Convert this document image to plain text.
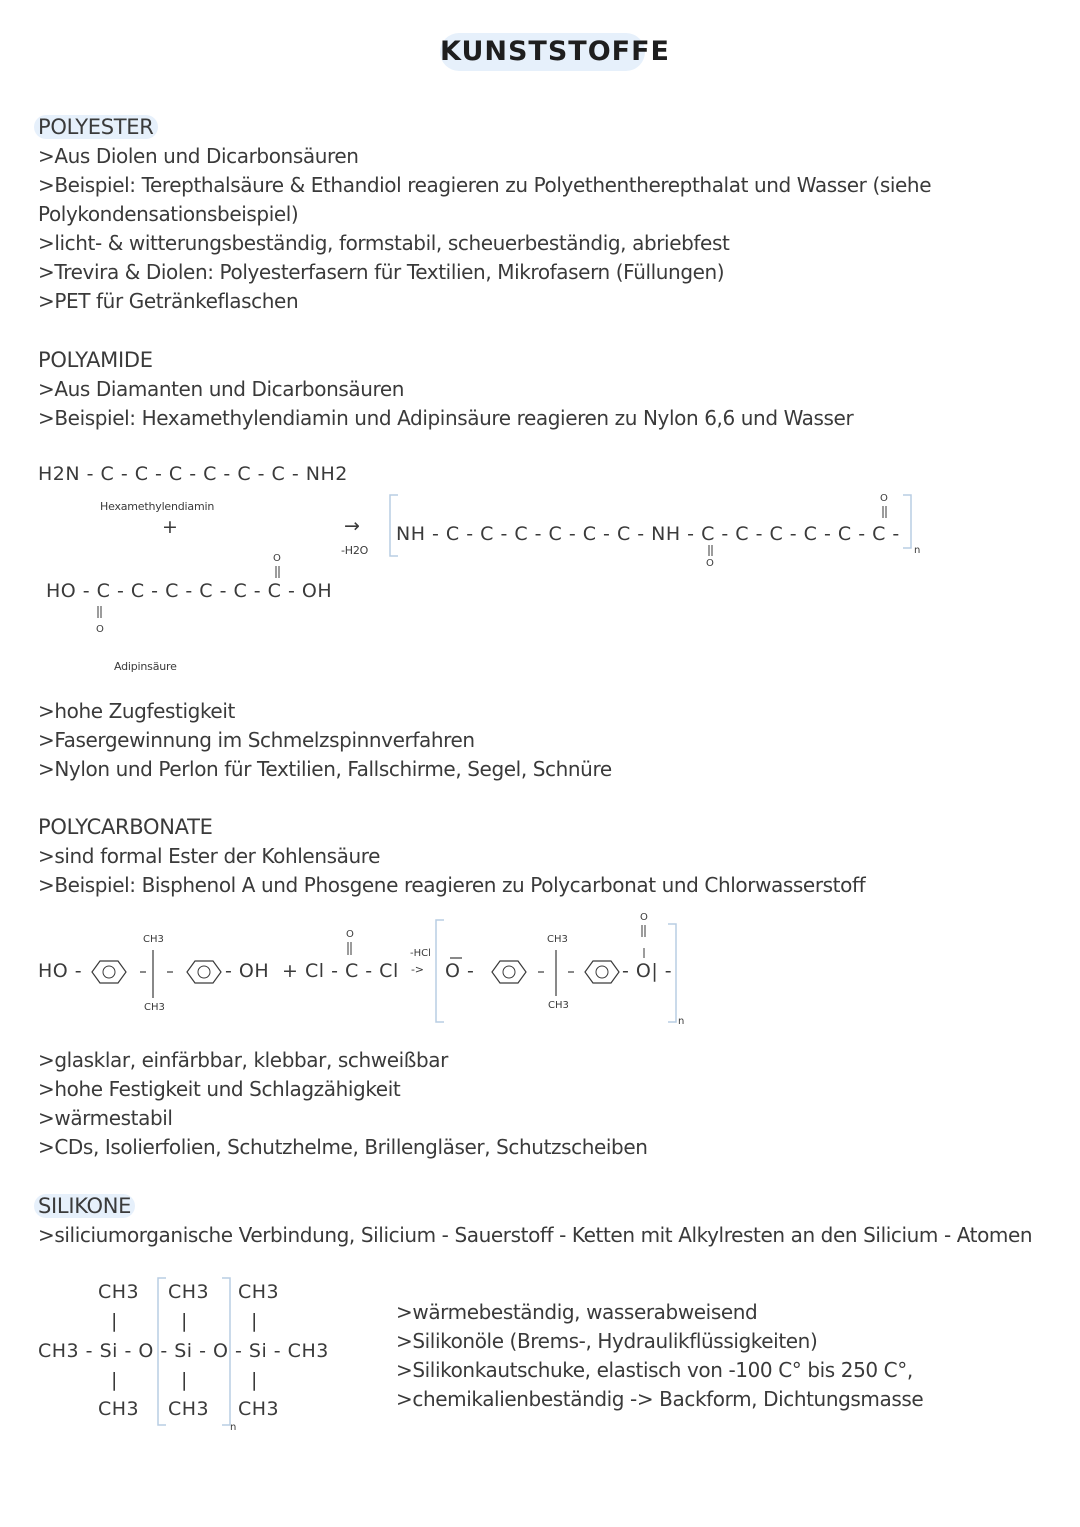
KUNSTSTOFFE
POLYESTER
>Aus Diolen und Dicarbonsäuren
>Beispiel: Terepthalsäure & Ethandiol reagieren zu Polyethentherepthalat und Wasser (siehe
Polykondensationsbeispiel)
>licht- & witterungsbeständig, formstabil, scheuerbeständig, abriebfest
>Trevira & Diolen: Polyesterfasern für Textilien, Mikrofasern (Füllungen)
>PET für Getränkeflaschen
POLYAMIDE
>Aus Diamanten und Dicarbonsäuren
>Beispiel: Hexamethylendiamin und Adipinsäure reagieren zu Nylon 6,6 und Wasser
H2N - C - C - C - C - C - C - NH2
Hexamethylendiamin
+
HO - C - C - C - C - C - C - OH
O
O
Adipinsäure
→
-H2O
NH - C - C - C - C - C - C - NH - C - C - C - C - C - C -
O
O
n
>hohe Zugfestigkeit
>Fasergewinnung im Schmelzspinnverfahren
>Nylon und Perlon für Textilien, Fallschirme, Segel, Schnüre
POLYCARBONATE
>sind formal Ester der Kohlensäure
>Beispiel: Bisphenol A und Phosgene reagieren zu Polycarbonat und Chlorwasserstoff
HO -
CH3
CH3
- OH + Cl - C - Cl
O
-HCl
-> O -
CH3
CH3
- O| -
O
n
>glasklar, einfärbbar, klebbar, schweißbar
>hohe Festigkeit und Schlagzähigkeit
>wärmestabil
>CDs, Isolierfolien, Schutzhelme, Brillengläser, Schutzscheiben
SILIKONE
>siliciumorganische Verbindung, Silicium - Sauerstoff - Ketten mit Alkylresten an den Silicium - Atomen
CH3 CH3 CH3
|	|	|
CH3 - Si - O - Si - O - Si - CH3
|	|	|
CH3 CH3 CH3
n
>wärmebeständig, wasserabweisend
>Silikonöle (Brems-, Hydraulikflüssigkeiten)
>Silikonkautschuke, elastisch von -100 C° bis 250 C°,
>chemikalienbeständig -> Backform, Dichtungsmasse
